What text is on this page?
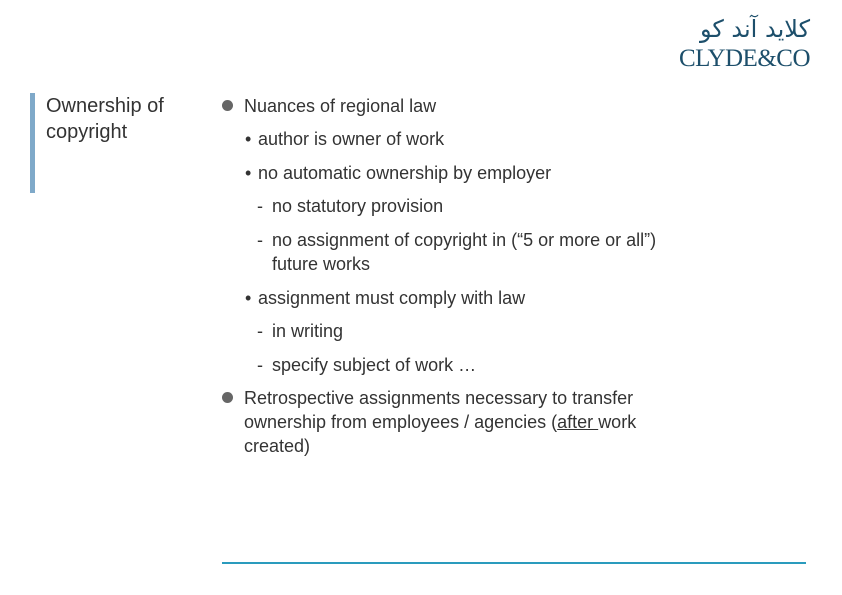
كلايد آند كو
CLYDE&CO
Ownership of copyright
Nuances of regional law
• author is owner of work
• no automatic ownership by employer
- no statutory provision
- no assignment of copyright in (“5 or more or all”) future works
• assignment must comply with law
- in writing
- specify subject of work …
Retrospective assignments necessary to transfer ownership from employees / agencies (after work created)
